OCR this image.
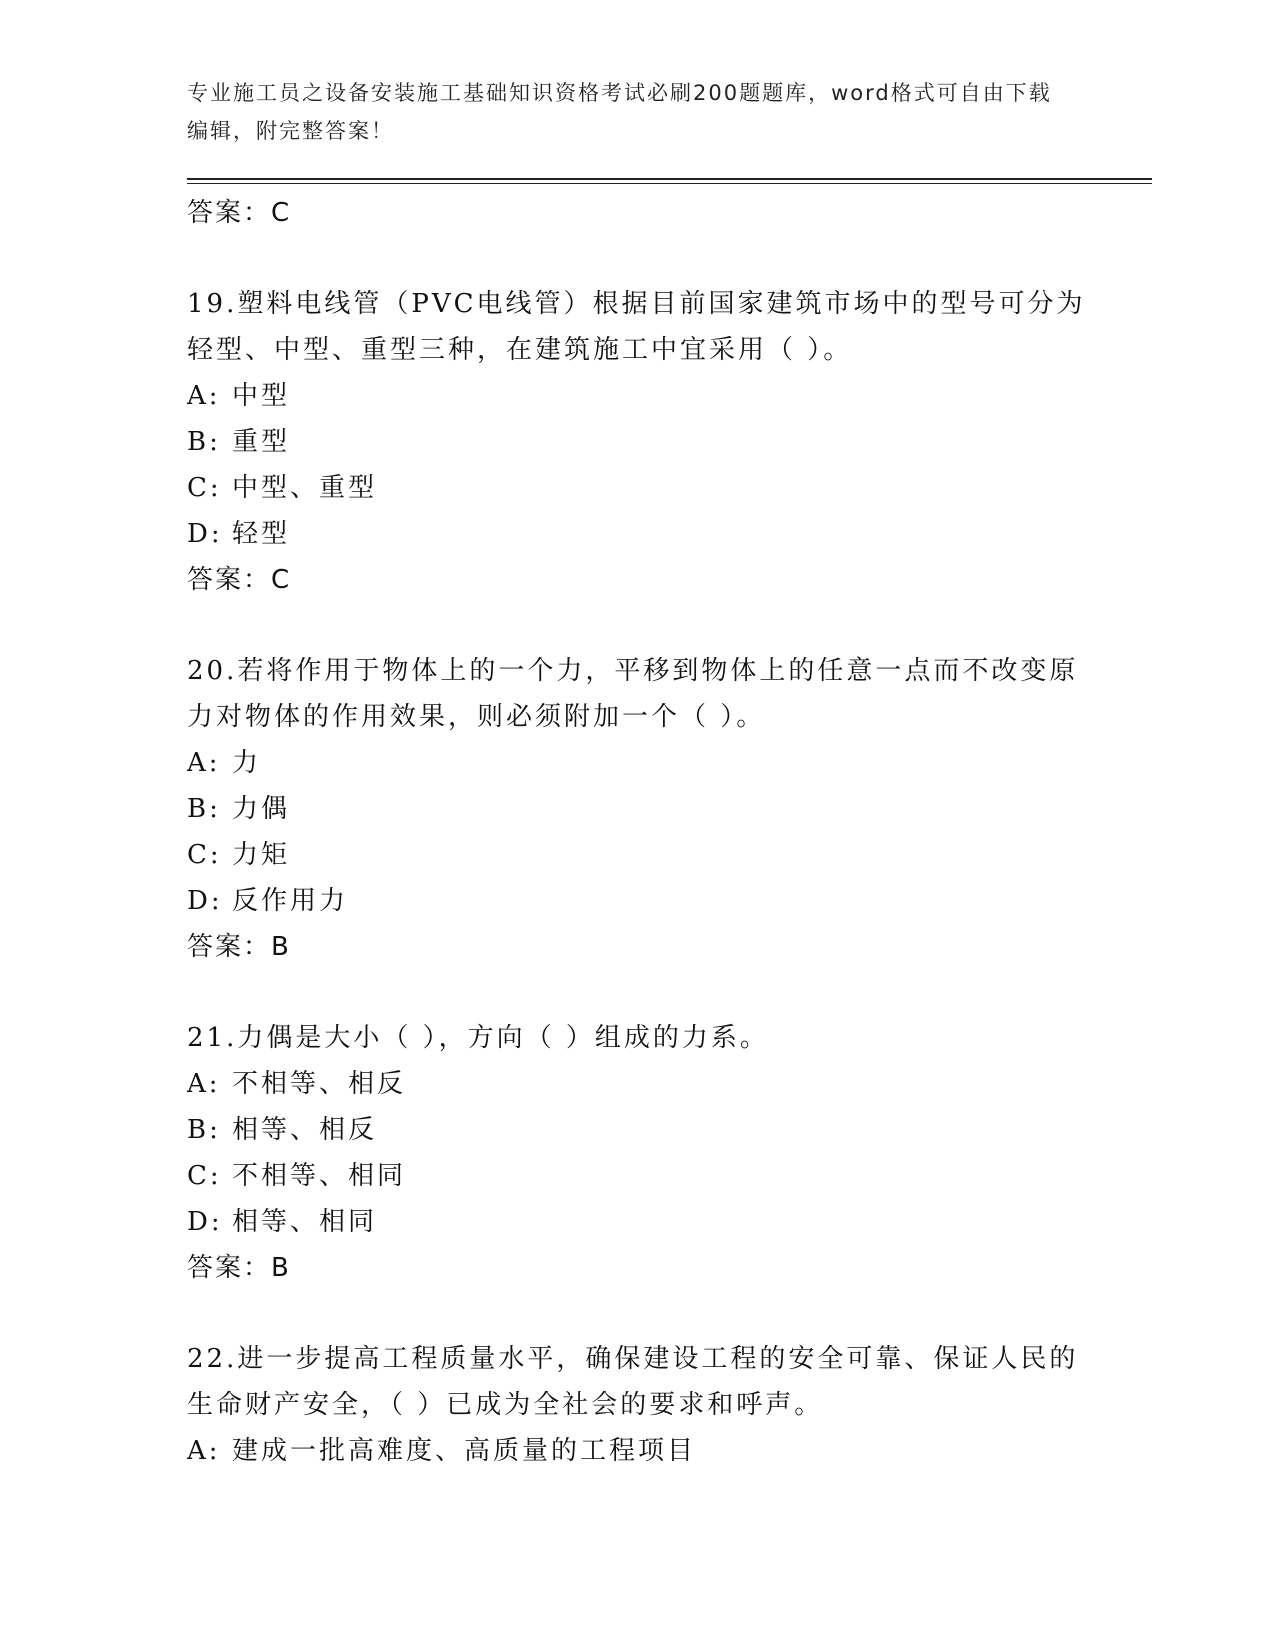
专业施工员之设备安装施工基础知识资格考试必刷200题题库，word格式可自由下载编辑，附完整答案！
答案：C
19.塑料电线管（PVC电线管）根据目前国家建筑市场中的型号可分为轻型、中型、重型三种，在建筑施工中宜采用（ ）。
A: 中型
B: 重型
C: 中型、重型
D: 轻型
答案：C
20.若将作用于物体上的一个力，平移到物体上的任意一点而不改变原力对物体的作用效果，则必须附加一个（ ）。
A: 力
B: 力偶
C: 力矩
D: 反作用力
答案：B
21.力偶是大小（ ），方向（ ）组成的力系。
A: 不相等、相反
B: 相等、相反
C: 不相等、相同
D: 相等、相同
答案：B
22.进一步提高工程质量水平，确保建设工程的安全可靠、保证人民的生命财产安全，（ ）已成为全社会的要求和呼声。
A: 建成一批高难度、高质量的工程项目
